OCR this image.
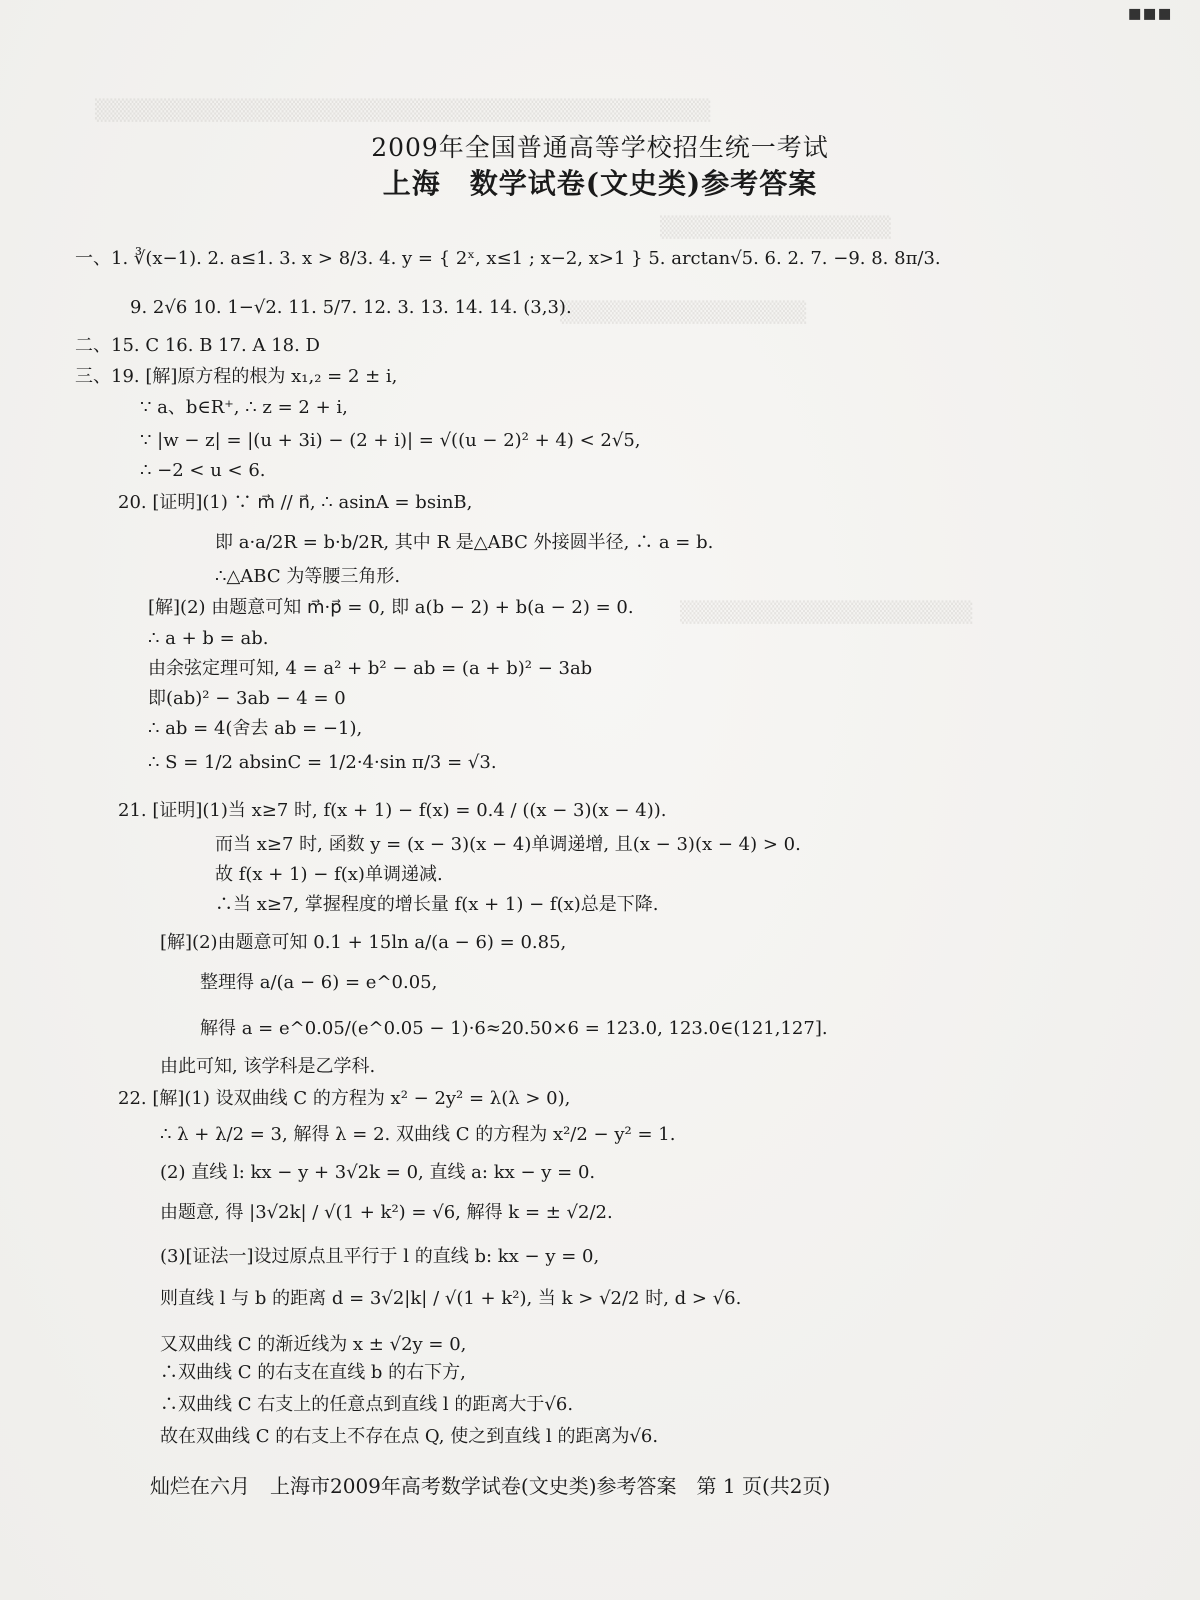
▪▪▪
▒▒▒▒▒▒▒▒▒▒▒▒▒▒▒▒▒▒▒▒▒▒▒▒▒▒▒▒▒▒▒▒▒▒▒▒▒▒▒▒
▒▒▒▒▒▒▒▒▒▒▒▒▒▒▒
▒▒▒▒▒▒▒▒▒▒▒▒▒▒▒▒
▒▒▒▒▒▒▒▒▒▒▒▒▒▒▒▒▒▒▒
2009年全国普通高等学校招生统一考试
上海　数学试卷(文史类)参考答案
一、1. ∛(x−1). 2. a≤1. 3. x > 8/3. 4. y = { 2ˣ, x≤1 ; x−2, x>1 } 5. arctan√5. 6. 2. 7. −9. 8. 8π/3.
9. 2√6 10. 1−√2. 11. 5/7. 12. 3. 13. 14. 14. (3,3).
二、15. C 16. B 17. A 18. D
三、19. [解]原方程的根为 x₁,₂ = 2 ± i,
∵ a、b∈R⁺, ∴ z = 2 + i,
∵ |w − z| = |(u + 3i) − (2 + i)| = √((u − 2)² + 4) < 2√5,
∴ −2 < u < 6.
20. [证明](1) ∵ m⃗ // n⃗, ∴ asinA = bsinB,
即 a·a/2R = b·b/2R, 其中 R 是△ABC 外接圆半径, ∴ a = b.
∴△ABC 为等腰三角形.
[解](2) 由题意可知 m⃗·p⃗ = 0, 即 a(b − 2) + b(a − 2) = 0.
∴ a + b = ab.
由余弦定理可知, 4 = a² + b² − ab = (a + b)² − 3ab
即(ab)² − 3ab − 4 = 0
∴ ab = 4(舍去 ab = −1),
∴ S = 1/2 absinC = 1/2·4·sin π/3 = √3.
21. [证明](1)当 x≥7 时, f(x + 1) − f(x) = 0.4 / ((x − 3)(x − 4)).
而当 x≥7 时, 函数 y = (x − 3)(x − 4)单调递增, 且(x − 3)(x − 4) > 0.
故 f(x + 1) − f(x)单调递减.
∴当 x≥7, 掌握程度的增长量 f(x + 1) − f(x)总是下降.
[解](2)由题意可知 0.1 + 15ln a/(a − 6) = 0.85,
整理得 a/(a − 6) = e^0.05,
解得 a = e^0.05/(e^0.05 − 1)·6≈20.50×6 = 123.0, 123.0∈(121,127].
由此可知, 该学科是乙学科.
22. [解](1) 设双曲线 C 的方程为 x² − 2y² = λ(λ > 0),
∴ λ + λ/2 = 3, 解得 λ = 2. 双曲线 C 的方程为 x²/2 − y² = 1.
(2) 直线 l: kx − y + 3√2k = 0, 直线 a: kx − y = 0.
由题意, 得 |3√2k| / √(1 + k²) = √6, 解得 k = ± √2/2.
(3)[证法一]设过原点且平行于 l 的直线 b: kx − y = 0,
则直线 l 与 b 的距离 d = 3√2|k| / √(1 + k²), 当 k > √2/2 时, d > √6.
又双曲线 C 的渐近线为 x ± √2y = 0,
∴双曲线 C 的右支在直线 b 的右下方,
∴双曲线 C 右支上的任意点到直线 l 的距离大于√6.
故在双曲线 C 的右支上不存在点 Q, 使之到直线 l 的距离为√6.
灿烂在六月　上海市2009年高考数学试卷(文史类)参考答案　第 1 页(共2页)
